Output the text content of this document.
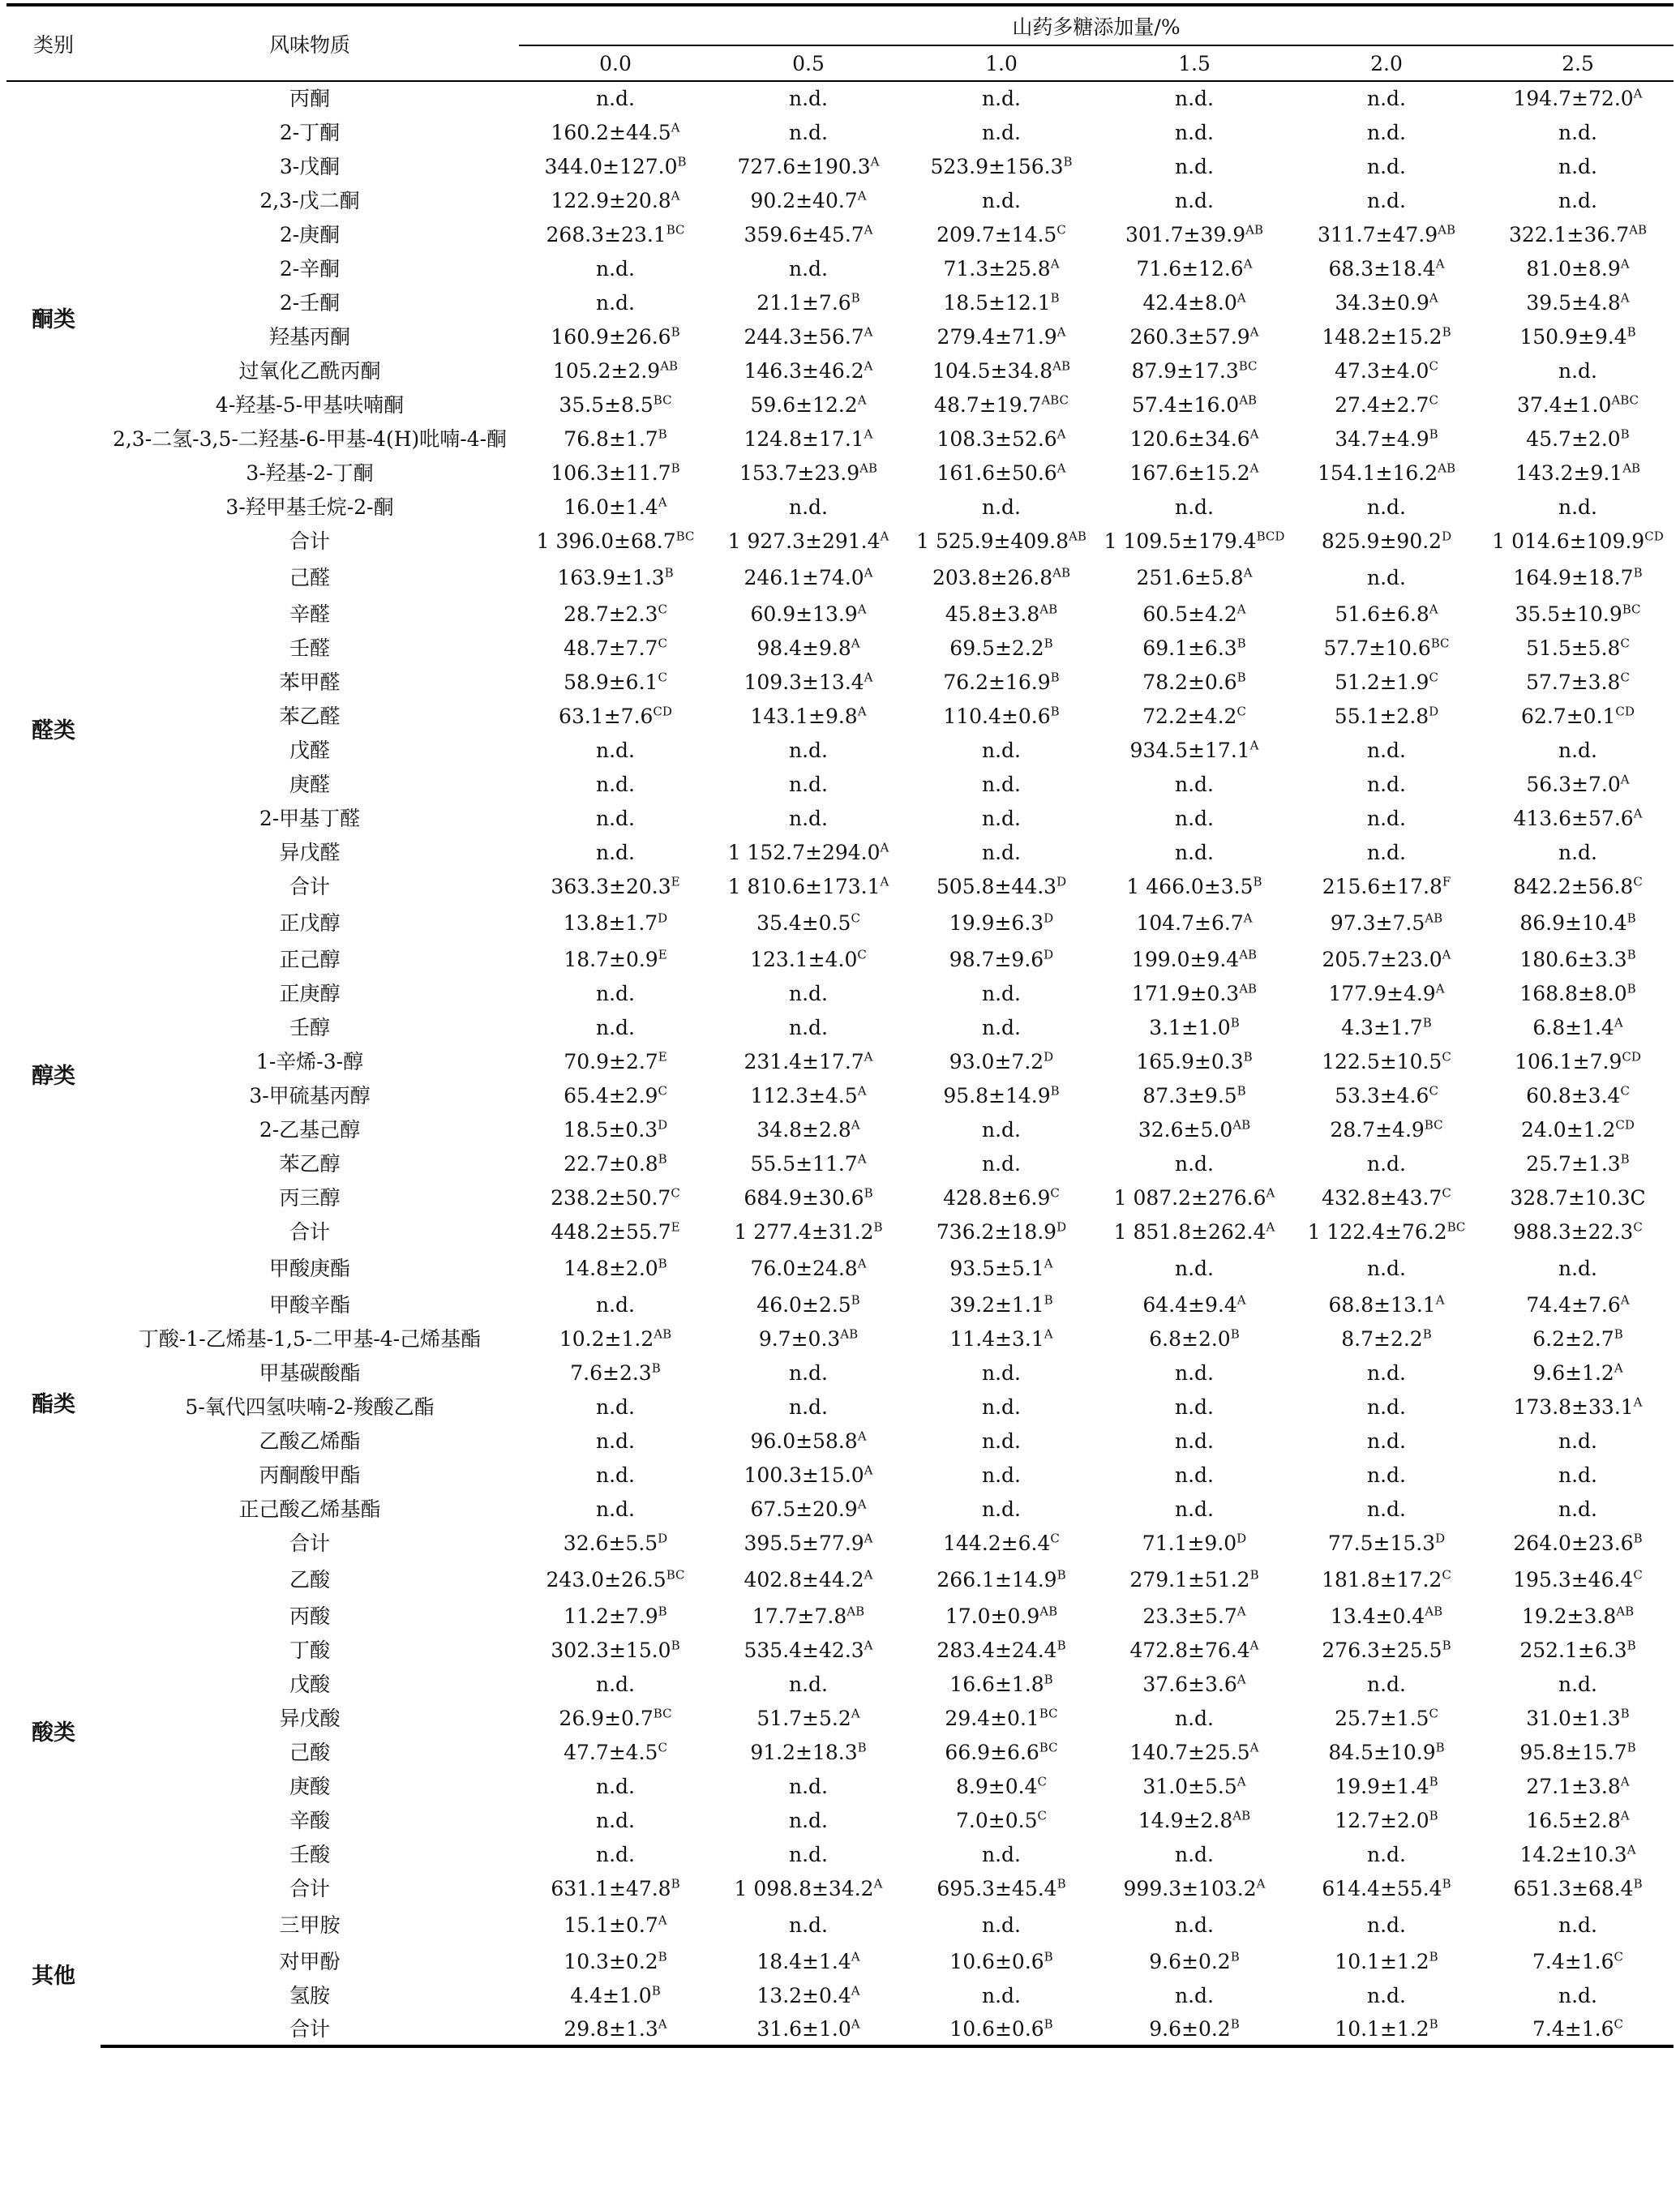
类别	风味物质	山药多糖添加量/%					
		0.0	0.5	1.0	1.5	2.0	2.5
酮类	丙酮	n.d.	n.d.	n.d.	n.d.	n.d.	$194.7\pm 72.0^A$
	2-丁酮	$160.2\pm 44.5^A$	n.d.	n.d.	n.d.	n.d.	n.d.
	3-戊酮	$344.0\pm 127.0^B$	$727.6\pm 190.3^A$	$523.9\pm 156.3^B$	n.d.	n.d.	n.d.
	2,3-戊二酮	$122.9\pm 20.8^A$	$90.2\pm 40.7^A$	n.d.	n.d.	n.d.	n.d.
	2-庚酮	$268.3\pm 23.1^{BC}$	$359.6\pm 45.7^A$	$209.7\pm 14.5^C$	$301.7\pm 39.9^{AB}$	$311.7\pm 47.9^{AB}$	$322.1\pm 36.7^{AB}$
	2-辛酮	n.d.	n.d.	$71.3\pm 25.8^A$	$71.6\pm 12.6^A$	$68.3\pm 18.4^A$	$81.0\pm 8.9^A$
	2-壬酮	n.d.	$21.1\pm 7.6^B$	$18.5\pm 12.1^B$	$42.4\pm 8.0^A$	$34.3\pm 0.9^A$	$39.5\pm 4.8^A$
	羟基丙酮	$160.9\pm 26.6^B$	$244.3\pm 56.7^A$	$279.4\pm 71.9^A$	$260.3\pm 57.9^A$	$148.2\pm 15.2^B$	$150.9\pm 9.4^B$
	过氧化乙酰丙酮	$105.2\pm 2.9^{AB}$	$146.3\pm 46.2^A$	$104.5\pm 34.8^{AB}$	$87.9\pm 17.3^{BC}$	$47.3\pm 4.0^C$	n.d.
	4-羟基-5-甲基呋喃酮	$35.5\pm 8.5^{BC}$	$59.6\pm 12.2^A$	$48.7\pm 19.7^{ABC}$	$57.4\pm 16.0^{AB}$	$27.4\pm 2.7^C$	$37.4\pm 1.0^{ABC}$
	2,3-二氢-3,5-二羟基-6-甲基-4(H)吡喃-4-酮	$76.8\pm 1.7^B$	$124.8\pm 17.1^A$	$108.3\pm 52.6^A$	$120.6\pm 34.6^A$	$34.7\pm 4.9^B$	$45.7\pm 2.0^B$
	3-羟基-2-丁酮	$106.3\pm 11.7^B$	$153.7\pm 23.9^{AB}$	$161.6\pm 50.6^A$	$167.6\pm 15.2^A$	$154.1\pm 16.2^{AB}$	$143.2\pm 9.1^{AB}$
	3-羟甲基壬烷-2-酮	$16.0\pm 1.4^A$	n.d.	n.d.	n.d.	n.d.	n.d.
	合计	1 $396.0\pm 68.7^{BC}$	1 $927.3\pm 291.4^A$	1 $525.9\pm 409.8^{AB}$	1 $109.5\pm 179.4^{BCD}$	$825.9\pm 90.2^D$	1 $014.6\pm 109.9^{CD}$
醛类	己醛	$163.9\pm 1.3^B$	$246.1\pm 74.0^A$	$203.8\pm 26.8^{AB}$	$251.6\pm 5.8^A$	n.d.	$164.9\pm 18.7^B$
	辛醛	$28.7\pm 2.3^C$	$60.9\pm 13.9^A$	$45.8\pm 3.8^{AB}$	$60.5\pm 4.2^A$	$51.6\pm 6.8^A$	$35.5\pm 10.9^{BC}$
	壬醛	$48.7\pm 7.7^C$	$98.4\pm 9.8^A$	$69.5\pm 2.2^B$	$69.1\pm 6.3^B$	$57.7\pm 10.6^{BC}$	$51.5\pm 5.8^C$
	苯甲醛	$58.9\pm 6.1^C$	$109.3\pm 13.4^A$	$76.2\pm 16.9^B$	$78.2\pm 0.6^B$	$51.2\pm 1.9^C$	$57.7\pm 3.8^C$
	苯乙醛	$63.1\pm 7.6^{CD}$	$143.1\pm 9.8^A$	$110.4\pm 0.6^B$	$72.2\pm 4.2^C$	$55.1\pm 2.8^D$	$62.7\pm 0.1^{CD}$
	戊醛	n.d.	n.d.	n.d.	$934.5\pm 17.1^A$	n.d.	n.d.
	庚醛	n.d.	n.d.	n.d.	n.d.	n.d.	$56.3\pm 7.0^A$
	2-甲基丁醛	n.d.	n.d.	n.d.	n.d.	n.d.	$413.6\pm 57.6^A$
	异戊醛	n.d.	1 $152.7\pm 294.0^A$	n.d.	n.d.	n.d.	n.d.
	合计	$363.3\pm 20.3^E$	1 $810.6\pm 173.1^A$	$505.8\pm 44.3^D$	1 $466.0\pm 3.5^B$	$215.6\pm 17.8^F$	$842.2\pm 56.8^C$
醇类	正戊醇	$13.8\pm 1.7^D$	$35.4\pm 0.5^C$	$19.9\pm 6.3^D$	$104.7\pm 6.7^A$	$97.3\pm 7.5^{AB}$	$86.9\pm 10.4^B$
	正己醇	$18.7\pm 0.9^E$	$123.1\pm 4.0^C$	$98.7\pm 9.6^D$	$199.0\pm 9.4^{AB}$	$205.7\pm 23.0^A$	$180.6\pm 3.3^B$
	正庚醇	n.d.	n.d.	n.d.	$171.9\pm 0.3^{AB}$	$177.9\pm 4.9^A$	$168.8\pm 8.0^B$
	壬醇	n.d.	n.d.	n.d.	$3.1\pm 1.0^B$	$4.3\pm 1.7^B$	$6.8\pm 1.4^A$
	1-辛烯-3-醇	$70.9\pm 2.7^E$	$231.4\pm 17.7^A$	$93.0\pm 7.2^D$	$165.9\pm 0.3^B$	$122.5\pm 10.5^C$	$106.1\pm 7.9^{CD}$
	3-甲硫基丙醇	$65.4\pm 2.9^C$	$112.3\pm 4.5^A$	$95.8\pm 14.9^B$	$87.3\pm 9.5^B$	$53.3\pm 4.6^C$	$60.8\pm 3.4^C$
	2-乙基己醇	$18.5\pm 0.3^D$	$34.8\pm 2.8^A$	n.d.	$32.6\pm 5.0^{AB}$	$28.7\pm 4.9^{BC}$	$24.0\pm 1.2^{CD}$
	苯乙醇	$22.7\pm 0.8^B$	$55.5\pm 11.7^A$	n.d.	n.d.	n.d.	$25.7\pm 1.3^B$
	丙三醇	$238.2\pm 50.7^C$	$684.9\pm 30.6^B$	$428.8\pm 6.9^C$	1 $087.2\pm 276.6^A$	$432.8\pm 43.7^C$	328.7±10.3C
	合计	$448.2\pm 55.7^E$	1 $277.4\pm 31.2^B$	$736.2\pm 18.9^D$	1 $851.8\pm 262.4^A$	1 $122.4\pm 76.2^{BC}$	$988.3\pm 22.3^C$
酯类	甲酸庚酯	$14.8\pm 2.0^B$	$76.0\pm 24.8^A$	$93.5\pm 5.1^A$	n.d.	n.d.	n.d.
	甲酸辛酯	n.d.	$46.0\pm 2.5^B$	$39.2\pm 1.1^B$	$64.4\pm 9.4^A$	$68.8\pm 13.1^A$	$74.4\pm 7.6^A$
	丁酸-1-乙烯基-1,5-二甲基-4-己烯基酯	$10.2\pm 1.2^{AB}$	$9.7\pm 0.3^{AB}$	$11.4\pm 3.1^A$	$6.8\pm 2.0^B$	$8.7\pm 2.2^B$	$6.2\pm 2.7^B$
	甲基碳酸酯	$7.6\pm 2.3^B$	n.d.	n.d.	n.d.	n.d.	$9.6\pm 1.2^A$
	5-氧代四氢呋喃-2-羧酸乙酯	n.d.	n.d.	n.d.	n.d.	n.d.	$173.8\pm 33.1^A$
	乙酸乙烯酯	n.d.	$96.0\pm 58.8^A$	n.d.	n.d.	n.d.	n.d.
	丙酮酸甲酯	n.d.	$100.3\pm 15.0^A$	n.d.	n.d.	n.d.	n.d.
	正己酸乙烯基酯	n.d.	$67.5\pm 20.9^A$	n.d.	n.d.	n.d.	n.d.
	合计	$32.6\pm 5.5^D$	$395.5\pm 77.9^A$	$144.2\pm 6.4^C$	$71.1\pm 9.0^D$	$77.5\pm 15.3^D$	$264.0\pm 23.6^B$
酸类	乙酸	$243.0\pm 26.5^{BC}$	$402.8\pm 44.2^A$	$266.1\pm 14.9^B$	$279.1\pm 51.2^B$	$181.8\pm 17.2^C$	$195.3\pm 46.4^C$
	丙酸	$11.2\pm 7.9^B$	$17.7\pm 7.8^{AB}$	$17.0\pm 0.9^{AB}$	$23.3\pm 5.7^A$	$13.4\pm 0.4^{AB}$	$19.2\pm 3.8^{AB}$
	丁酸	$302.3\pm 15.0^B$	$535.4\pm 42.3^A$	$283.4\pm 24.4^B$	$472.8\pm 76.4^A$	$276.3\pm 25.5^B$	$252.1\pm 6.3^B$
	戊酸	n.d.	n.d.	$16.6\pm 1.8^B$	$37.6\pm 3.6^A$	n.d.	n.d.
	异戊酸	$26.9\pm 0.7^{BC}$	$51.7\pm 5.2^A$	$29.4\pm 0.1^{BC}$	n.d.	$25.7\pm 1.5^C$	$31.0\pm 1.3^B$
	己酸	$47.7\pm 4.5^C$	$91.2\pm 18.3^B$	$66.9\pm 6.6^{BC}$	$140.7\pm 25.5^A$	$84.5\pm 10.9^B$	$95.8\pm 15.7^B$
	庚酸	n.d.	n.d.	$8.9\pm 0.4^C$	$31.0\pm 5.5^A$	$19.9\pm 1.4^B$	$27.1\pm 3.8^A$
	辛酸	n.d.	n.d.	$7.0\pm 0.5^C$	$14.9\pm 2.8^{AB}$	$12.7\pm 2.0^B$	$16.5\pm 2.8^A$
	壬酸	n.d.	n.d.	n.d.	n.d.	n.d.	$14.2\pm 10.3^A$
	合计	$631.1\pm 47.8^B$	1 $098.8\pm 34.2^A$	$695.3\pm 45.4^B$	$999.3\pm 103.2^A$	$614.4\pm 55.4^B$	$651.3\pm 68.4^B$
其他	三甲胺	$15.1\pm 0.7^A$	n.d.	n.d.	n.d.	n.d.	n.d.
	对甲酚	$10.3\pm 0.2^B$	$18.4\pm 1.4^A$	$10.6\pm 0.6^B$	$9.6\pm 0.2^B$	$10.1\pm 1.2^B$	$7.4\pm 1.6^C$
	氢胺	$4.4\pm 1.0^B$	$13.2\pm 0.4^A$	n.d.	n.d.	n.d.	n.d.
	合计	$29.8\pm 1.3^A$	$31.6\pm 1.0^A$	$10.6\pm 0.6^B$	$9.6\pm 0.2^B$	$10.1\pm 1.2^B$	$7.4\pm 1.6^C$
